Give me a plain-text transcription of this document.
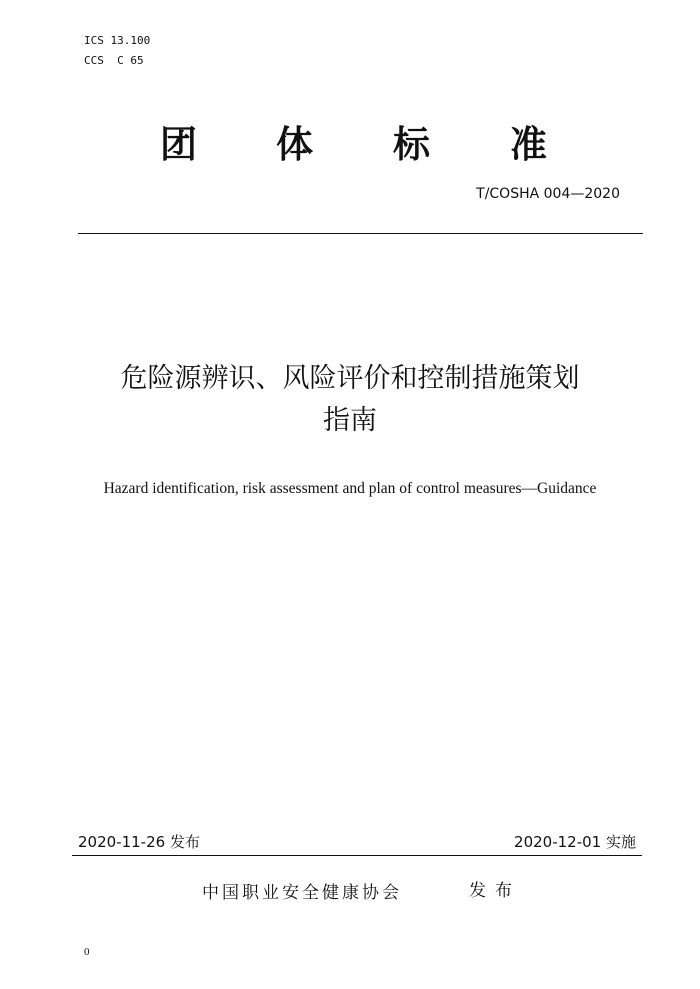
ICS 13.100
CCS  C 65
团 体 标 准
T/COSHA 004—2020
危险源辨识、风险评价和控制措施策划
指南
Hazard identification, risk assessment and plan of control measures—Guidance
2020-11-26 发布	2020-12-01 实施
中国职业安全健康协会	发布
0
